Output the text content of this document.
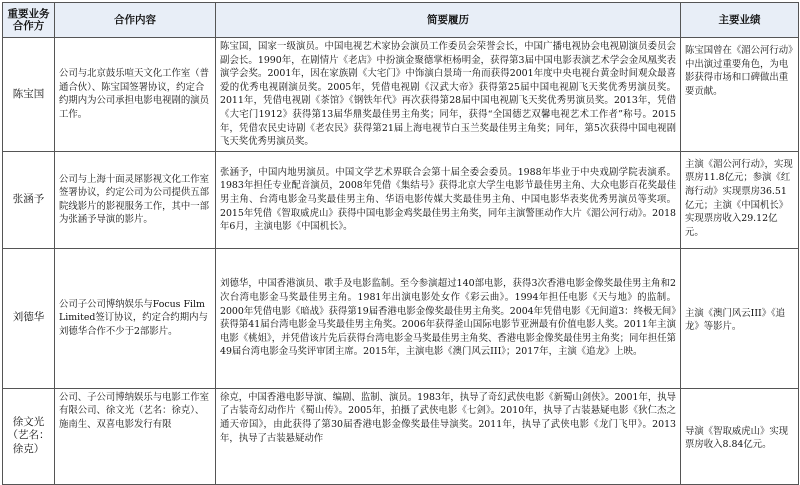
重要业务合作方	合作内容	简要履历	主要业绩
陈宝国	公司与北京鼓乐喧天文化工作室（普通合伙）、陈宝国签署协议，约定合约期内为公司承担电影电视剧的演员工作。	陈宝国，国家一级演员。中国电视艺术家协会演员工作委员会荣誉会长，中国广播电视协会电视剧演员委员会副会长。1990年，在剧情片《老店》中扮演金聚德掌柜杨明金，获得第3届中国电影表演艺术学会金凤凰奖表演学会奖。2001年，因在家族剧《大宅门》中饰演白景琦一角而获得2001年度中央电视台黄金时间观众最喜爱的优秀电视剧演员奖。2005年，凭借电视剧《汉武大帝》获得第25届中国电视剧飞天奖优秀男演员奖。2011年，凭借电视剧《茶馆》《钢铁年代》再次获得第28届中国电视剧飞天奖优秀男演员奖。2013年，凭借《大宅门1912》获得第13届华鼎奖最佳男主角奖；同年，获得“全国德艺双馨电视艺术工作者”称号。2015年，凭借农民史诗剧《老农民》获得第21届上海电视节白玉兰奖最佳男主角奖；同年，第5次获得中国电视剧飞天奖优秀男演员奖。	陈宝国曾在《湄公河行动》中出演过重要角色，为电影获得市场和口碑做出重要贡献。
张涵予	公司与上海十面灵犀影视文化工作室签署协议，约定公司为公司提供五部院线影片的影视服务工作，其中一部为张涵予导演的影片。	张涵予，中国内地男演员。中国文学艺术界联合会第十届全委会委员。1988年毕业于中央戏剧学院表演系。1983年担任专业配音演员，2008年凭借《集结号》获得北京大学生电影节最佳男主角、大众电影百花奖最佳男主角、台湾电影金马奖最佳男主角、华语电影传媒大奖最佳男主角、中国电影华表奖优秀男演员等奖项。2015年凭借《智取威虎山》获得中国电影金鸡奖最佳男主角奖，同年主演警匪动作大片《湄公河行动》。2018年6月，主演电影《中国机长》。	主演《湄公河行动》，实现票房11.8亿元；参演《红海行动》实现票房36.51亿元；主演《中国机长》实现票房收入29.12亿元。
刘德华	公司子公司博纳娱乐与Focus Film Limited签订协议，约定合约期内与刘德华合作不少于2部影片。	刘德华，中国香港演员、歌手及电影监制。至今参演超过140部电影，获得3次香港电影金像奖最佳男主角和2次台湾电影金马奖最佳男主角。1981年出演电影处女作《彩云曲》。1994年担任电影《天与地》的监制。2000年凭借电影《暗战》获得第19届香港电影金像奖最佳男主角奖。2004年凭借电影《无间道3：终极无间》获得第41届台湾电影金马奖最佳男主角奖。2006年获得釜山国际电影节亚洲最有价值电影人奖。2011年主演电影《桃姐》，并凭借该片先后获得台湾电影金马奖最佳男主角奖、香港电影金像奖最佳男主角奖；同年担任第49届台湾电影金马奖评审团主席。2015年，主演电影《澳门风云III》；2017年，主演《追龙》上映。	主演《澳门风云III》《追龙》等影片。
徐文光（艺名：徐克）	公司、子公司博纳娱乐与电影工作室有限公司、徐文光（艺名：徐克）、施南生、双喜电影发行有限	徐克，中国香港电影导演、编剧、监制、演员。1983年，执导了奇幻武侠电影《新蜀山剑侠》。2001年，执导了古装奇幻动作片《蜀山传》。2005年，拍摄了武侠电影《七剑》。2010年，执导了古装悬疑电影《狄仁杰之通天帝国》，由此获得了第30届香港电影金像奖最佳导演奖。2011年，执导了武侠电影《龙门飞甲》。2013年，执导了古装悬疑动作	导演《智取威虎山》实现票房收入8.84亿元。
